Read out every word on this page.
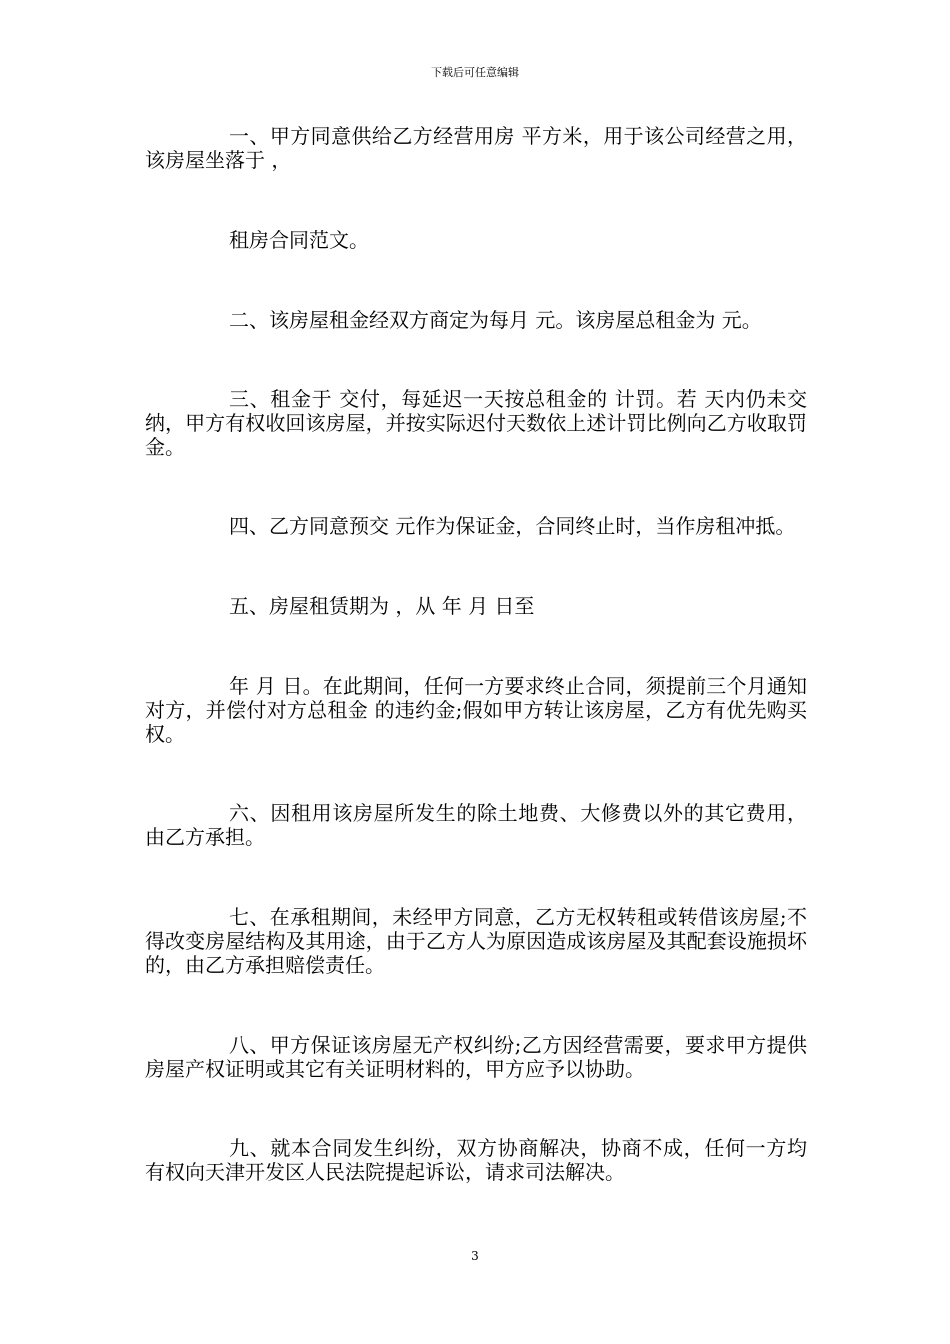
下载后可任意编辑

一、甲方同意供给乙方经营用房 平方米，用于该公司经营之用，该房屋坐落于 ，

租房合同范文。

二、该房屋租金经双方商定为每月 元。该房屋总租金为 元。

三、租金于 交付，每延迟一天按总租金的 计罚。若 天内仍未交纳，甲方有权收回该房屋，并按实际迟付天数依上述计罚比例向乙方收取罚金。

四、乙方同意预交 元作为保证金，合同终止时，当作房租冲抵。

五、房屋租赁期为 ，从 年 月 日至

年 月 日。在此期间，任何一方要求终止合同，须提前三个月通知对方，并偿付对方总租金 的违约金;假如甲方转让该房屋，乙方有优先购买权。

六、因租用该房屋所发生的除土地费、大修费以外的其它费用，由乙方承担。

七、在承租期间，未经甲方同意，乙方无权转租或转借该房屋;不得改变房屋结构及其用途，由于乙方人为原因造成该房屋及其配套设施损坏的，由乙方承担赔偿责任。

八、甲方保证该房屋无产权纠纷;乙方因经营需要，要求甲方提供房屋产权证明或其它有关证明材料的，甲方应予以协助。

九、就本合同发生纠纷，双方协商解决，协商不成，任何一方均有权向天津开发区人民法院提起诉讼，请求司法解决。

3
